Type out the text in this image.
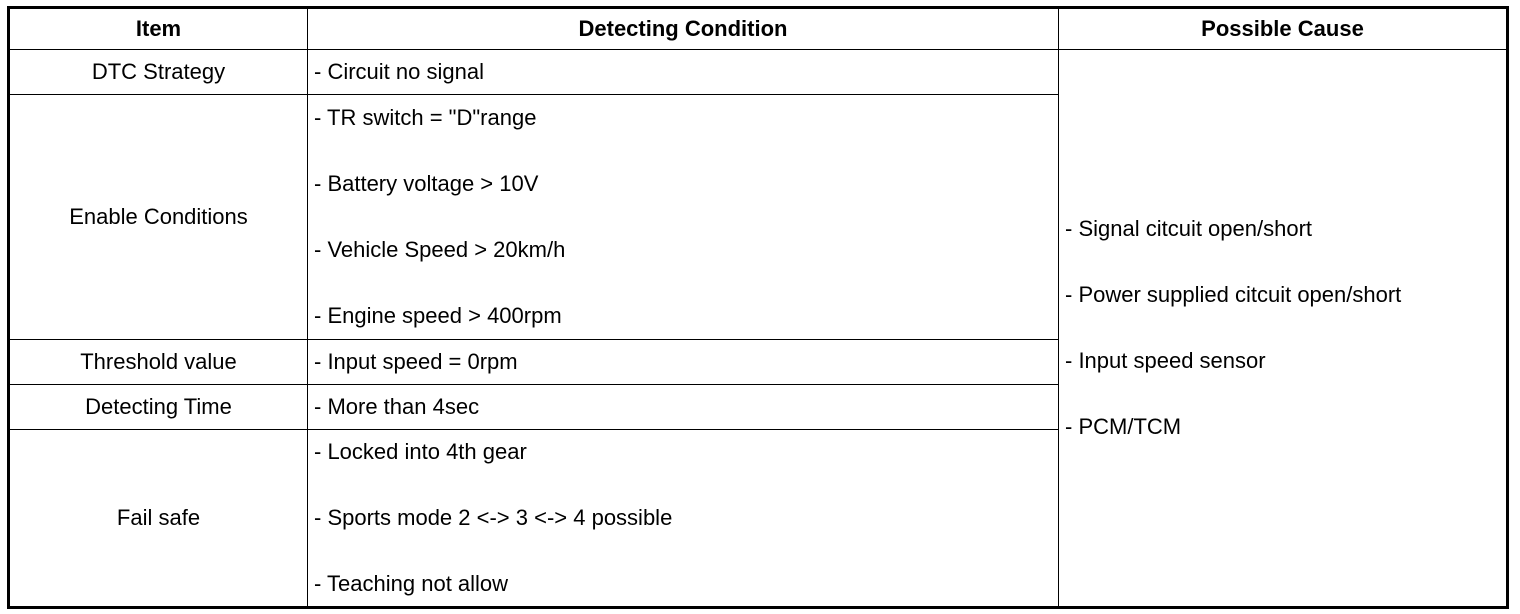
Item	Detecting Condition	Possible Cause
DTC Strategy	- Circuit no signal	- Signal citcuit open/short
- Power supplied citcuit open/short
- Input speed sensor
- PCM/TCM

Enable Conditions	- TR switch = "D"range
- Battery voltage > 10V
- Vehicle Speed > 20km/h
- Engine speed > 400rpm	

Threshold value	- Input speed = 0rpm	

Detecting Time	- More than 4sec	

Fail safe	- Locked into 4th gear
- Sports mode 2 <-> 3 <-> 4 possible
- Teaching not allow	
